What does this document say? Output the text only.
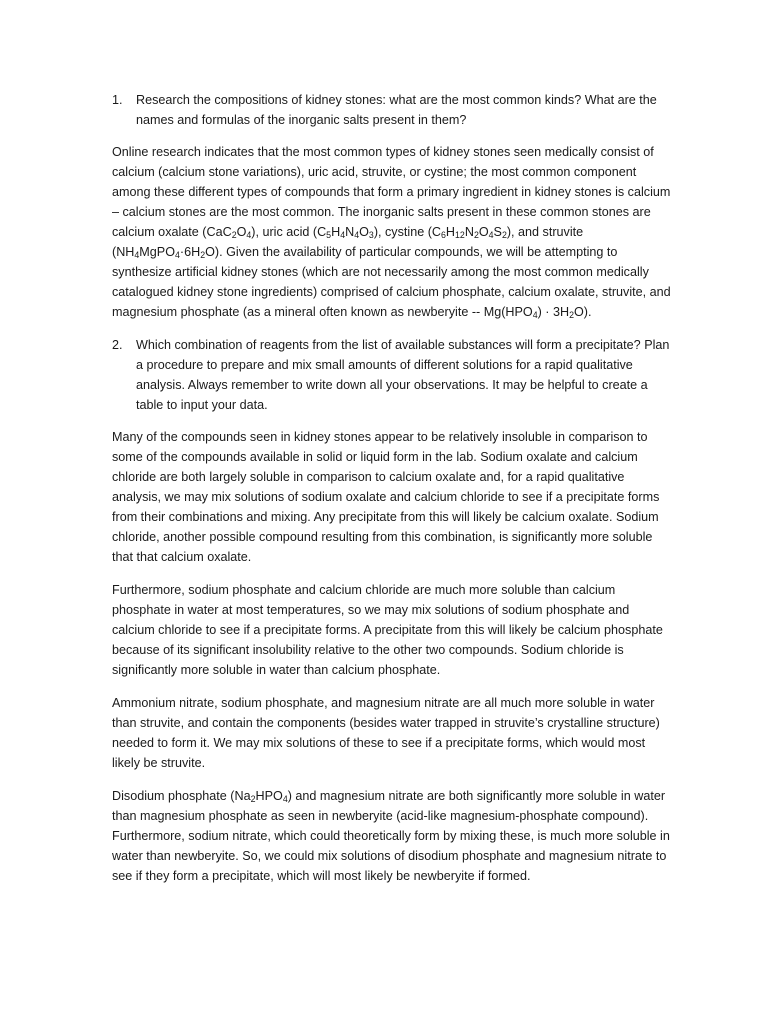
1.	Research the compositions of kidney stones: what are the most common kinds? What are the names and formulas of the inorganic salts present in them?

Online research indicates that the most common types of kidney stones seen medically consist of calcium (calcium stone variations), uric acid, struvite, or cystine; the most common component among these different types of compounds that form a primary ingredient in kidney stones is calcium – calcium stones are the most common. The inorganic salts present in these common stones are calcium oxalate $(CaC_2O_4)$, uric acid $(C_5H_4N_4O_3)$, cystine $(C_6H_{12}N_2O_4S_2)$, and struvite $(NH_4MgPO_4\cdot 6H_2O)$. Given the availability of particular compounds, we will be attempting to synthesize artificial kidney stones (which are not necessarily among the most common medically catalogued kidney stone ingredients) comprised of calcium phosphate, calcium oxalate, struvite, and magnesium phosphate (as a mineral often known as newberyite -- $Mg(HPO_4) \cdot 3H_2O$).

2.	Which combination of reagents from the list of available substances will form a precipitate? Plan a procedure to prepare and mix small amounts of different solutions for a rapid qualitative analysis. Always remember to write down all your observations. It may be helpful to create a table to input your data.

Many of the compounds seen in kidney stones appear to be relatively insoluble in comparison to some of the compounds available in solid or liquid form in the lab. Sodium oxalate and calcium chloride are both largely soluble in comparison to calcium oxalate and, for a rapid qualitative analysis, we may mix solutions of sodium oxalate and calcium chloride to see if a precipitate forms from their combinations and mixing. Any precipitate from this will likely be calcium oxalate. Sodium chloride, another possible compound resulting from this combination, is significantly more soluble that that calcium oxalate.

Furthermore, sodium phosphate and calcium chloride are much more soluble than calcium phosphate in water at most temperatures, so we may mix solutions of sodium phosphate and calcium chloride to see if a precipitate forms. A precipitate from this will likely be calcium phosphate because of its significant insolubility relative to the other two compounds. Sodium chloride is significantly more soluble in water than calcium phosphate.

Ammonium nitrate, sodium phosphate, and magnesium nitrate are all much more soluble in water than struvite, and contain the components (besides water trapped in struvite’s crystalline structure) needed to form it. We may mix solutions of these to see if a precipitate forms, which would most likely be struvite.

Disodium phosphate $(Na_2HPO_4)$ and magnesium nitrate are both significantly more soluble in water than magnesium phosphate as seen in newberyite (acid-like magnesium-phosphate compound). Furthermore, sodium nitrate, which could theoretically form by mixing these, is much more soluble in water than newberyite. So, we could mix solutions of disodium phosphate and magnesium nitrate to see if they form a precipitate, which will most likely be newberyite if formed.
